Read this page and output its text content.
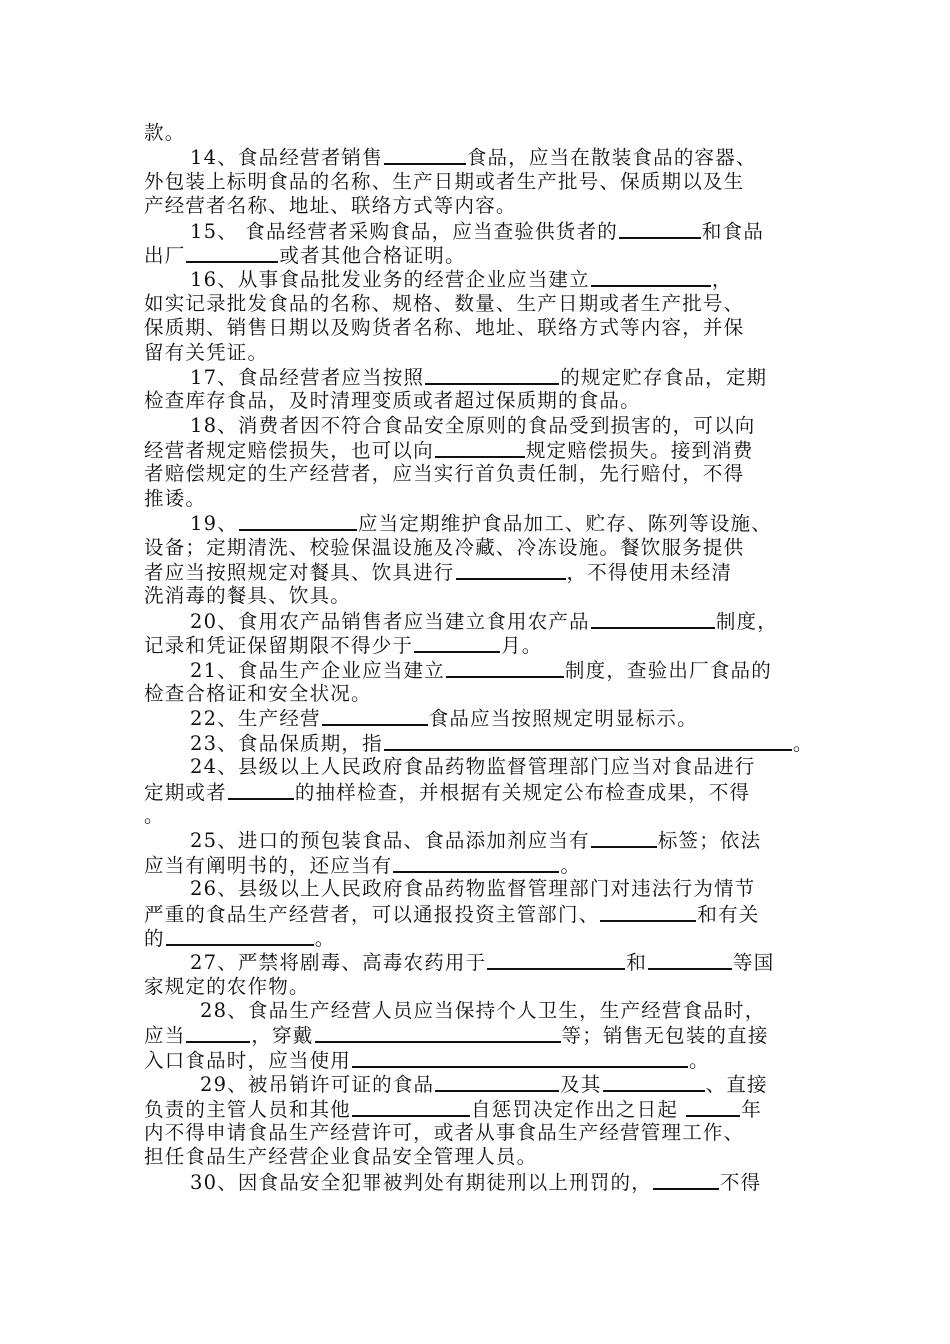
款。
14、食品经营者销售	食品，应当在散装食品的容器、
外包装上标明食品的名称、生产日期或者生产批号、保质期以及生
产经营者名称、地址、联络方式等内容。
15、 食品经营者采购食品，应当查验供货者的	和食品
出厂	或者其他合格证明。
16、从事食品批发业务的经营企业应当建立	，
如实记录批发食品的名称、规格、数量、生产日期或者生产批号、
保质期、销售日期以及购货者名称、地址、联络方式等内容，并保
留有关凭证。
17、食品经营者应当按照	的规定贮存食品，定期
检查库存食品，及时清理变质或者超过保质期的食品。
18、消费者因不符合食品安全原则的食品受到损害的，可以向
经营者规定赔偿损失，也可以向	规定赔偿损失。接到消费
者赔偿规定的生产经营者，应当实行首负责任制，先行赔付，不得
推诿。
19、	应当定期维护食品加工、贮存、陈列等设施、
设备；定期清洗、校验保温设施及冷藏、冷冻设施。餐饮服务提供
者应当按照规定对餐具、饮具进行	，不得使用未经清
洗消毒的餐具、饮具。
20、食用农产品销售者应当建立食用农产品	制度，
记录和凭证保留期限不得少于	月。
21、食品生产企业应当建立	制度，查验出厂食品的
检查合格证和安全状况。
22、生产经营	食品应当按照规定明显标示。
23、食品保质期，指	。
24、县级以上人民政府食品药物监督管理部门应当对食品进行
定期或者	的抽样检查，并根据有关规定公布检查成果，不得
。
25、进口的预包装食品、食品添加剂应当有	标签；依法
应当有阐明书的，还应当有	。
26、县级以上人民政府食品药物监督管理部门对违法行为情节
严重的食品生产经营者，可以通报投资主管部门、	和有关
的	。
27、严禁将剧毒、高毒农药用于	和	等国
家规定的农作物。
28、食品生产经营人员应当保持个人卫生，生产经营食品时，
应当	，穿戴	等；销售无包装的直接
入口食品时，应当使用	。
29、被吊销许可证的食品	及其	、直接
负责的主管人员和其他	自惩罚决定作出之日起	年
内不得申请食品生产经营许可，或者从事食品生产经营管理工作、
担任食品生产经营企业食品安全管理人员。
30、因食品安全犯罪被判处有期徒刑以上刑罚的，	不得
